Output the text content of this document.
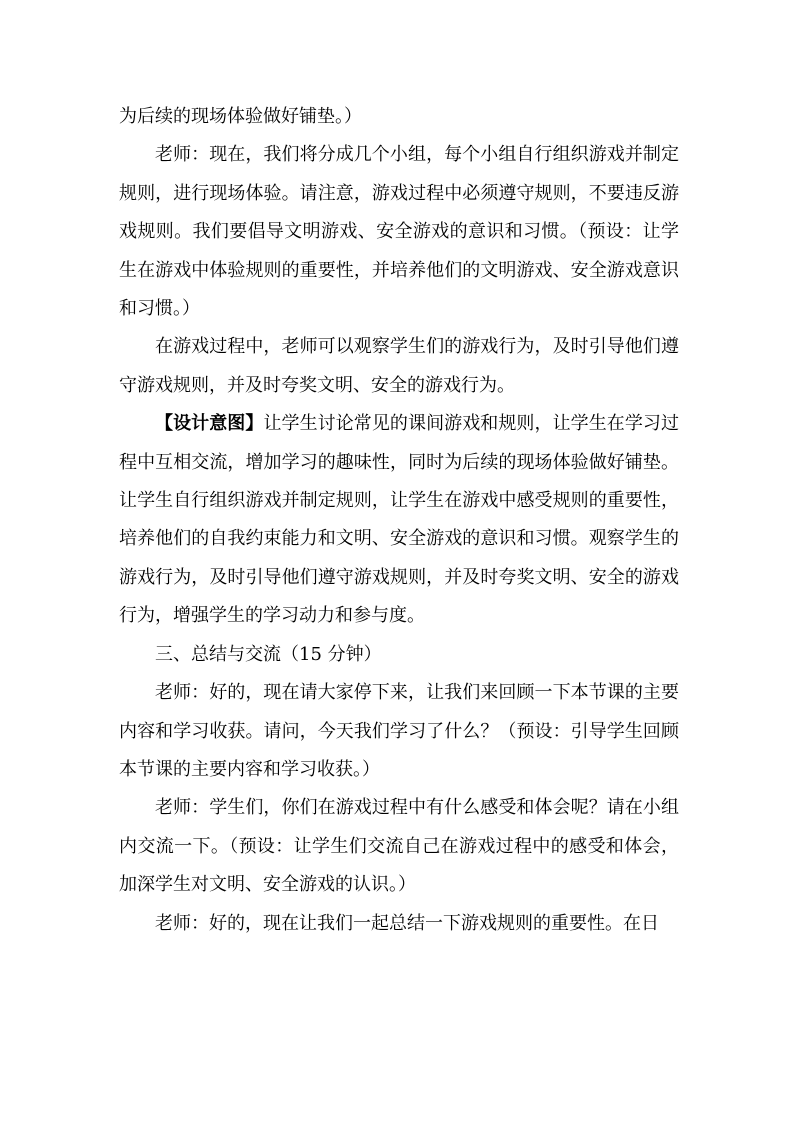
为后续的现场体验做好铺垫。）

老师：现在，我们将分成几个小组，每个小组自行组织游戏并制定规则，进行现场体验。请注意，游戏过程中必须遵守规则，不要违反游戏规则。我们要倡导文明游戏、安全游戏的意识和习惯。（预设：让学生在游戏中体验规则的重要性，并培养他们的文明游戏、安全游戏意识和习惯。）

在游戏过程中，老师可以观察学生们的游戏行为，及时引导他们遵守游戏规则，并及时夸奖文明、安全的游戏行为。

【设计意图】让学生讨论常见的课间游戏和规则，让学生在学习过程中互相交流，增加学习的趣味性，同时为后续的现场体验做好铺垫。让学生自行组织游戏并制定规则，让学生在游戏中感受规则的重要性，培养他们的自我约束能力和文明、安全游戏的意识和习惯。观察学生的游戏行为，及时引导他们遵守游戏规则，并及时夸奖文明、安全的游戏行为，增强学生的学习动力和参与度。

三、总结与交流（15 分钟）

老师：好的，现在请大家停下来，让我们来回顾一下本节课的主要内容和学习收获。请问，今天我们学习了什么？（预设：引导学生回顾本节课的主要内容和学习收获。）

老师：学生们，你们在游戏过程中有什么感受和体会呢？请在小组内交流一下。（预设：让学生们交流自己在游戏过程中的感受和体会，加深学生对文明、安全游戏的认识。）

老师：好的，现在让我们一起总结一下游戏规则的重要性。在日
